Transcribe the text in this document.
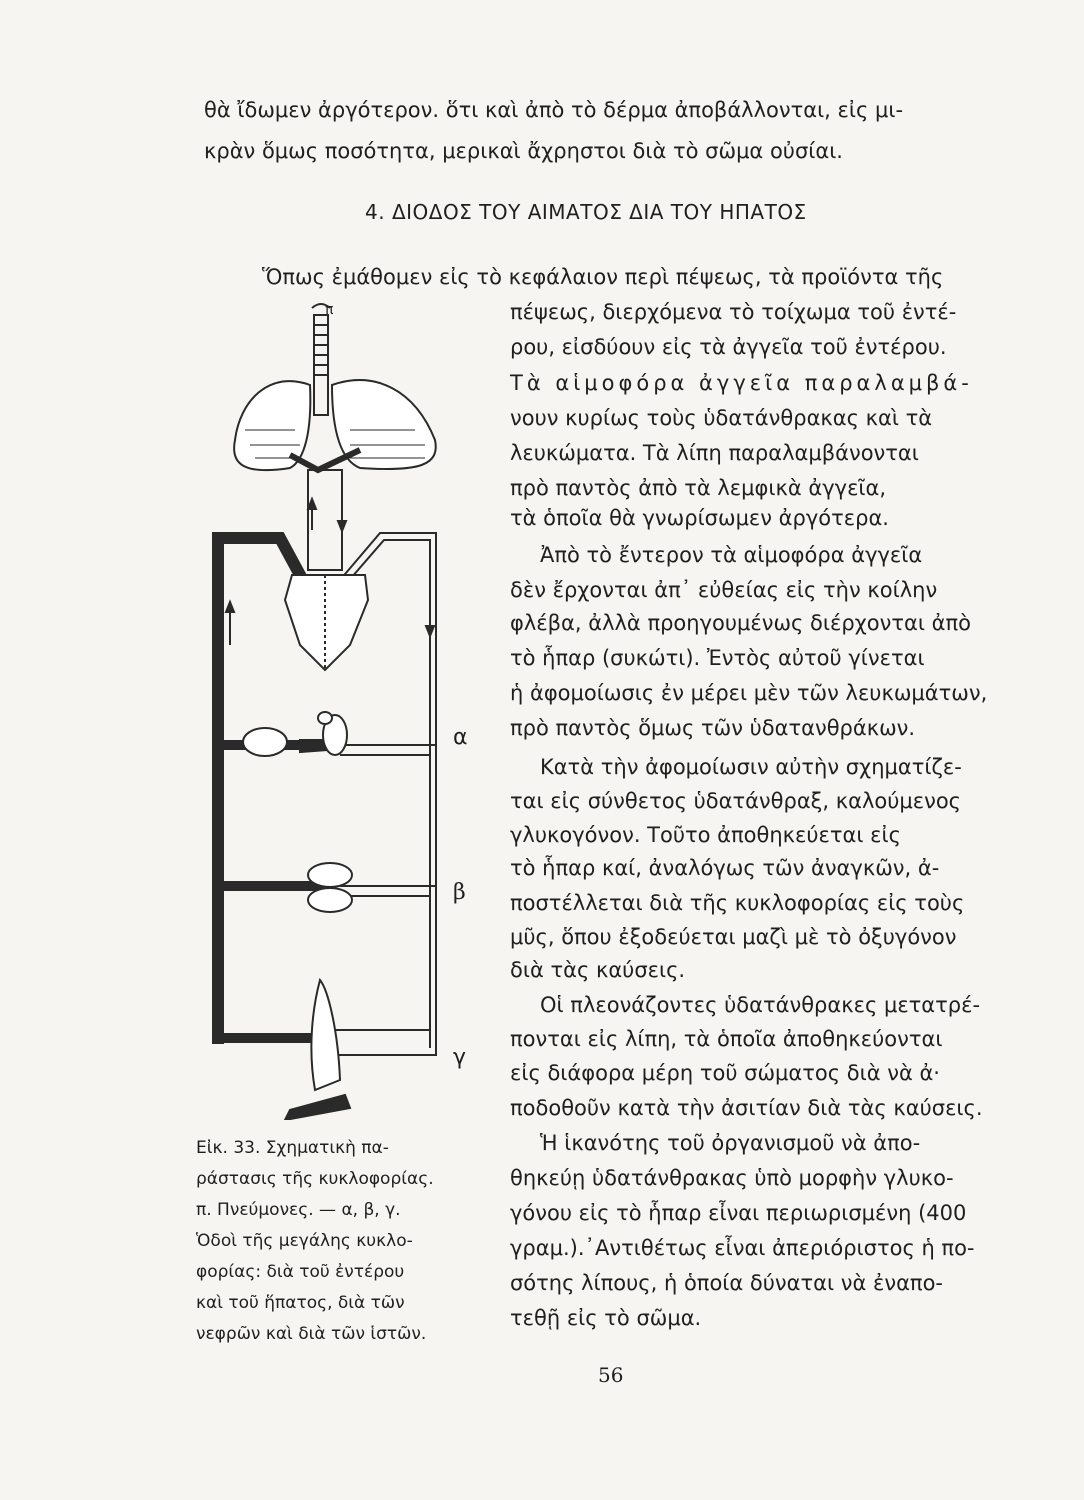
θὰ ἴδωμεν ἀργότερον. ὅτι καὶ ἀπὸ τὸ δέρμα ἀποβάλλονται, εἰς μι-
κρὰν ὅμως ποσότητα, μερικαὶ ἄχρηστοι διὰ τὸ σῶμα οὐσίαι.
4. ΔΙΟΔΟΣ ΤΟΥ ΑΙΜΑΤΟΣ ΔΙΑ ΤΟΥ ΗΠΑΤΟΣ
Ὅπως ἐμάθομεν εἰς τὸ κεφάλαιον περὶ πέψεως, τὰ προϊόντα τῆς
πέψεως, διερχόμενα τὸ τοίχωμα τοῦ ἐντέ-
ρου, εἰσδύουν εἰς τὰ ἀγγεῖα τοῦ ἐντέρου.
Τὰ αἱμοφόρα ἀγγεῖα παραλαμβά-
νουν κυρίως τοὺς ὑδατάνθρακας καὶ τὰ
λευκώματα. Τὰ λίπη παραλαμβάνονται
πρὸ παντὸς ἀπὸ τὰ λεμφικὰ ἀγγεῖα,
τὰ ὁποῖα θὰ γνωρίσωμεν ἀργότερα.
Ἀπὸ τὸ ἔντερον τὰ αἱμοφόρα ἀγγεῖα
δὲν ἔρχονται ἀπ᾽ εὐθείας εἰς τὴν κοίλην
φλέβα, ἀλλὰ προηγουμένως διέρχονται ἀπὸ
τὸ ἧπαρ (συκώτι). Ἐντὸς αὐτοῦ γίνεται
ἡ ἀφομοίωσις ἐν μέρει μὲν τῶν λευκωμάτων,
πρὸ παντὸς ὅμως τῶν ὑδατανθράκων.
Κατὰ τὴν ἀφομοίωσιν αὐτὴν σχηματίζε-
ται εἰς σύνθετος ὑδατάνθραξ, καλούμενος
γλυκογόνον. Τοῦτο ἀποθηκεύεται εἰς
τὸ ἧπαρ καί, ἀναλόγως τῶν ἀναγκῶν, ἀ-
ποστέλλεται διὰ τῆς κυκλοφορίας εἰς τοὺς
μῦς, ὅπου ἐξοδεύεται μαζὶ μὲ τὸ ὀξυγόνον
διὰ τὰς καύσεις.
Οἱ πλεονάζοντες ὑδατάνθρακες μετατρέ-
πονται εἰς λίπη, τὰ ὁποῖα ἀποθηκεύονται
εἰς διάφορα μέρη τοῦ σώματος διὰ νὰ ἀ·
ποδοθοῦν κατὰ τὴν ἀσιτίαν διὰ τὰς καύσεις.
Ἡ ἱκανότης τοῦ ὀργανισμοῦ νὰ ἀπο-
θηκεύῃ ὑδατάνθρακας ὑπὸ μορφὴν γλυκο-
γόνου εἰς τὸ ἧπαρ εἶναι περιωρισμένη (400
γραμ.).᾽Αντιθέτως εἶναι ἀπεριόριστος ἡ πο-
σότης λίπους, ἡ ὁποία δύναται νὰ ἐναπο-
τεθῇ εἰς τὸ σῶμα.
α
β
γ
π
Εἰκ. 33. Σχηματικὴ πα-
ράστασις τῆς κυκλοφορίας.
π. Πνεύμονες. — α, β, γ.
Ὁδοὶ τῆς μεγάλης κυκλο-
φορίας: διὰ τοῦ ἐντέρου
καὶ τοῦ ἥπατος, διὰ τῶν
νεφρῶν καὶ διὰ τῶν ἱστῶν.
56
